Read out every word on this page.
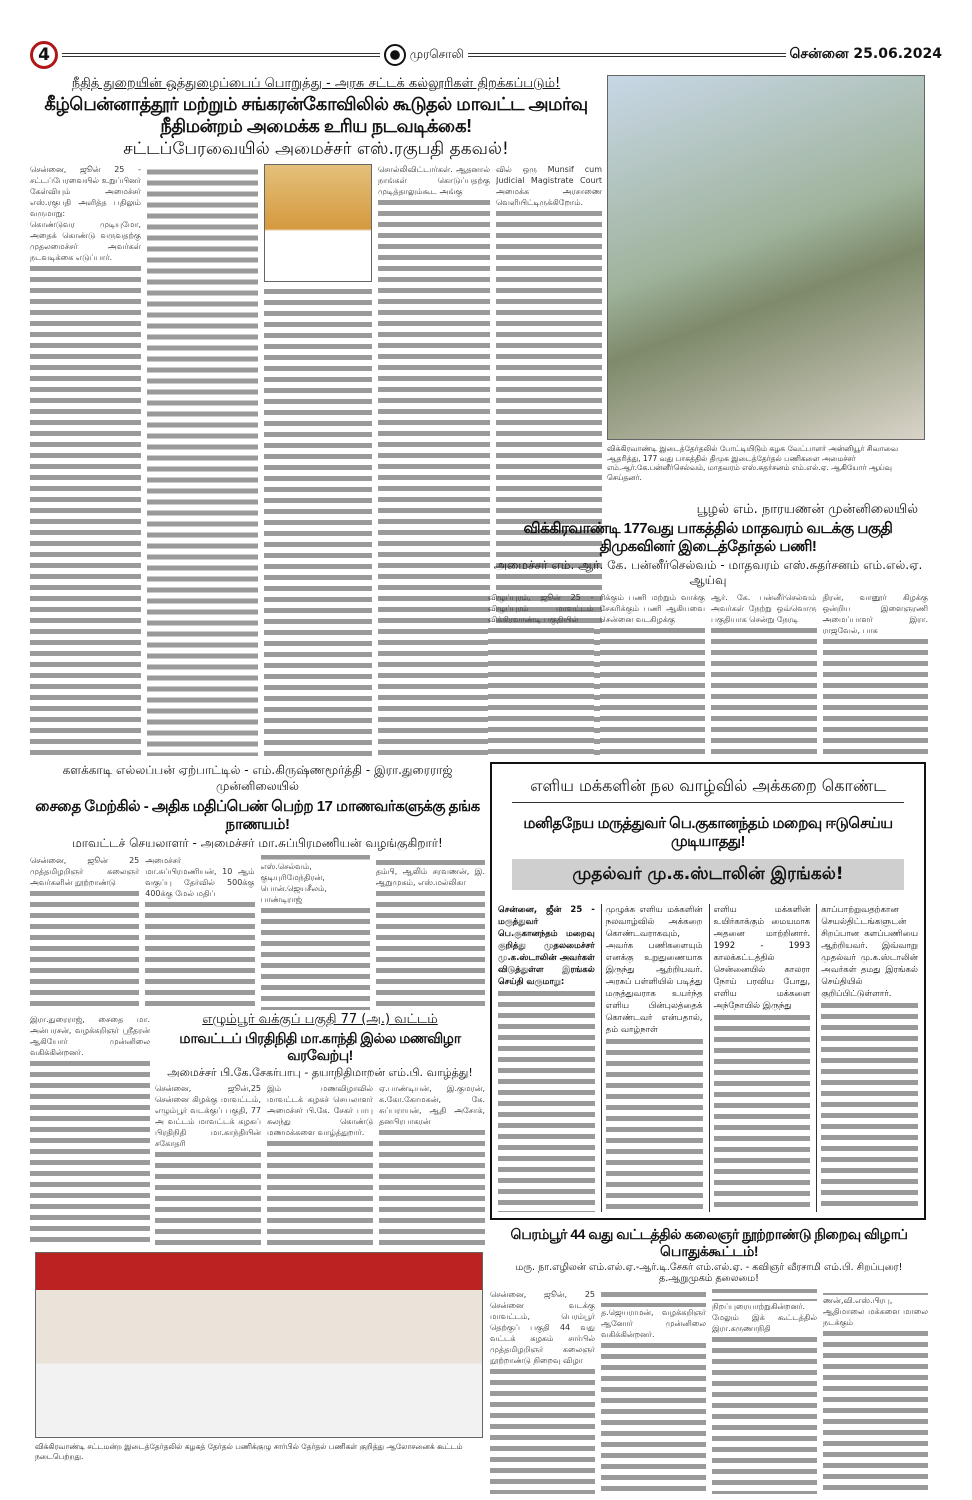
4	முரசொலி	சென்னை 25.06.2024
நீதித் துறையின் ஒத்துழைப்பைப் பொறுத்து - அரசு சட்டக் கல்லூரிகள் திறக்கப்படும்!
கீழ்பென்னாத்தூர் மற்றும் சங்கரன்கோவிலில் கூடுதல் மாவட்ட அமர்வு நீதிமன்றம் அமைக்க உரிய நடவடிக்கை!
சட்டப்பேரவையில் அமைச்சர் எஸ்.ரகுபதி தகவல்!

சென்னை, ஜூன் 25 - சட்டப்பேரவையில் உறுப்பினர் கேள்வியும் அமைச்சர் எஸ்.ரகுபதி அளித்த பதிலும் வருமாறு:

கொண்டுவர முடியுமோ, அதைக் கொண்டு வருவதற்கு முதலமைச்சர் அவர்கள் நடவடிக்கை எடுப்பார்.

சொல்லிவிட்டார்கள். ஆதனால் நாங்கள் கொடுப்பதற்கு முடித்தாலும்கூட அங்கு

வில் ஒரு Munsif cum Judicial Magistrate Court அமைக்க அரசாணை வெளியிட்டிருக்கிறோம்.

விக்கிரவாண்டி இடைத்தேர்தலில் போட்டியிடும் கழக வேட்பாளர் அன்னியூர் சிவாவை ஆதரித்து, 177 வது பாகத்தில் திமுக இடைத்தேர்தல் பணிகளை அமைச்சர் எம்.ஆர்.கே.பன்னீர்செல்வம், மாதவரம் எஸ்.சுதர்சனம் எம்.எல்.ஏ. ஆகியோர் ஆய்வு செய்தனர்.
பூழல் எம். நாரயணன் முன்னிலையில்
விக்கிரவாண்டி 177வது பாகத்தில் மாதவரம் வடக்கு பகுதி திமுகவினர் இடைத்தேர்தல் பணி!
அமைச்சர் எம். ஆர். கே. பன்னீர்செல்வம் - மாதவரம் எஸ்.சுதர்சனம் எம்.எல்.ஏ. ஆய்வு

விழுப்புரம், ஜூன் 25 - விழுப்புரம் மாவட்டம் விக்கிரவாண்டி பகுதியில்

ரிக்கும் பணி மற்றும் வாக்கு சேகரிக்கும் பணி ஆகியவை சென்னை வடகிழக்கு

ஆர். கே. பன்னீர்செல்வம் அவர்கள் நேற்று ஒவ்வொரு பகுதியாக சென்று நேரடி

திரன், வானூர் கிழக்கு ஒன்றிய இளைஞரணி அமைப்பாளர் இரா. ராஜவேல், பாக

களக்காடி எல்லப்பன் ஏற்பாட்டில் - எம்.கிருஷ்ணமூர்த்தி - இரா.துரைராஜ் முன்னிலையில்
சைதை மேற்கில் - அதிக மதிப்பெண் பெற்ற 17 மாணவர்களுக்கு தங்க நாணயம்!
மாவட்டச் செயலாளர் - அமைச்சர் மா.சுப்பிரமணியன் வழங்குகிறார்!

சென்னை, ஜூன் 25 முத்தமிழறிஞர் கலைஞர் அவர்களின் நூற்றாண்டு

அமைச்சர் மா.சுப்பிரமணியன், 10 ஆம் வகுப்பு தேர்வில் 500க்கு 400க்கு மேல் மதிப்

எஸ்.செல்வம், குடியுரிமேந்திரன், பொன்.ஜெயசீலம், பாண்டிராஜ்

தம்பி, ஆலிம் சரவணன், இ. ஆறுமுகம், எஸ்.மல்லிகா

இரா.துரைராஜ், சைதை மா. அன்பரசன், வழக்கறிஞர் ஸ்ரீதரன் ஆகியோர் முன்னிலை வகிக்கின்றனர்.

எழும்பூர் வக்குப் பகுதி 77 (அ.) வட்டம்
மாவட்டப் பிரதிநிதி மா.காந்தி இல்ல மணவிழா வரவேற்பு!
அமைச்சர் பி.கே.சேகர்பாபு - தயாநிதிமாறன் எம்.பி. வாழ்த்து!

சென்னை, ஜூன்,25 சென்னை கிழக்கு மாவட்டம், எழும்பூர் வடக்குப் பகுதி, 77 அ வட்டம் மாவட்டக் கழகப் பிரதிநிதி மா.காந்தியின் சகோதரி

இம் மணவிழாவில் மாவட்டக் கழகச் செயலாளர் அமைச்சர் பி.கே. சேகர் பாபு கலந்து கொண்டு மணமக்களை வாழ்த்துறார்.

ஏ.பாண்டியன், இ.குமரன், க.கோ.கோமகன், கே. சுப்பராயன், ஆதி அசோக், தனபிரபாகரன்

விக்கிரவாண்டி சட்டமன்ற இடைத்தேர்தலில் கழகத் தேர்தல் பணிக்குழு சார்பில் தேர்தல் பணிகள் குறித்து ஆலோசனைக் கூட்டம் நடைபெற்றது.
எளிய மக்களின் நல வாழ்வில் அக்கறை கொண்ட
மனிதநேய மருத்துவர் பெ.குகானந்தம் மறைவு ஈடுசெய்ய முடியாதது!
முதல்வர் மு.க.ஸ்டாலின் இரங்கல்!

சென்னை, ஜீன் 25 - மருத்துவர் பெ.குகானந்தம் மறைவு குறித்து முதலமைச்சர் மு.க.ஸ்டாலின் அவர்கள் விடுத்துள்ள இரங்கல் செய்தி வருமாறு:

முழுக்க எளிய மக்களின் நலவாழ்வில் அக்கறை கொண்டவராகவும், அவர்க பணிகளையும் எனக்கு உறுதுணையாக இருந்து ஆற்றியவர். அரசுப் பள்ளியில் படித்து மருத்துவராக உயர்ந்த எளிய பின்புலத்தைக் கொண்டவர் என்பதால், தம் வாழ்நாள்

எளிய மக்களின் உயிர்காக்கும் மையமாக அதனை மாற்றினார். 1992 - 1993 காலக்கட்டத்தில் சென்னையில் காலரா நோய் பரவிய போது, எளிய மக்களை அந்நோயில் இருந்து

காப்பாற்றுவதற்கான செயல்திட்டங்களுடன் சிறப்பான களப்பணியை ஆற்றியவர். இவ்வாறு முதல்வர் மு.க.ஸ்டாலின் அவர்கள் தமது இரங்கல் செய்தியில் குறிப்பிட்டுள்ளார்.

பெரம்பூர் 44 வது வட்டத்தில் கலைஞர் நூற்றாண்டு நிறைவு விழாப் பொதுக்கூட்டம்!
மரு. நா.எழிலன் எம்.எல்.ஏ.-ஆர்.டி.சேகர் எம்.எல்.ஏ. - கவிஞர் வீரசாமி எம்.பி. சிறப்புரை! த.ஆறுமுகம் தலைமை!

சென்னை, ஜூன், 25 சென்னை வடக்கு மாவட்டம், பெரம்பூர் தெற்குப் பகுதி 44 வது வட்டக் கழகம் சார்பில் முத்தமிழறிஞர் கலைஞர் நூற்றாண்டு நிறைவு விழா

த.ஜெயராமன், வழக்கறிஞர் ஆனோர் முன்னிலை வகிக்கின்றனர்.

நிறப்புரையாற்றுகின்றனர். மேலும் இக் கூட்டத்தில் இரா.கருணாநிதி

ணன்,வி.எஸ்.பிரபு, ஆதிமாலை மக்களை மாலை நடக்கும்
